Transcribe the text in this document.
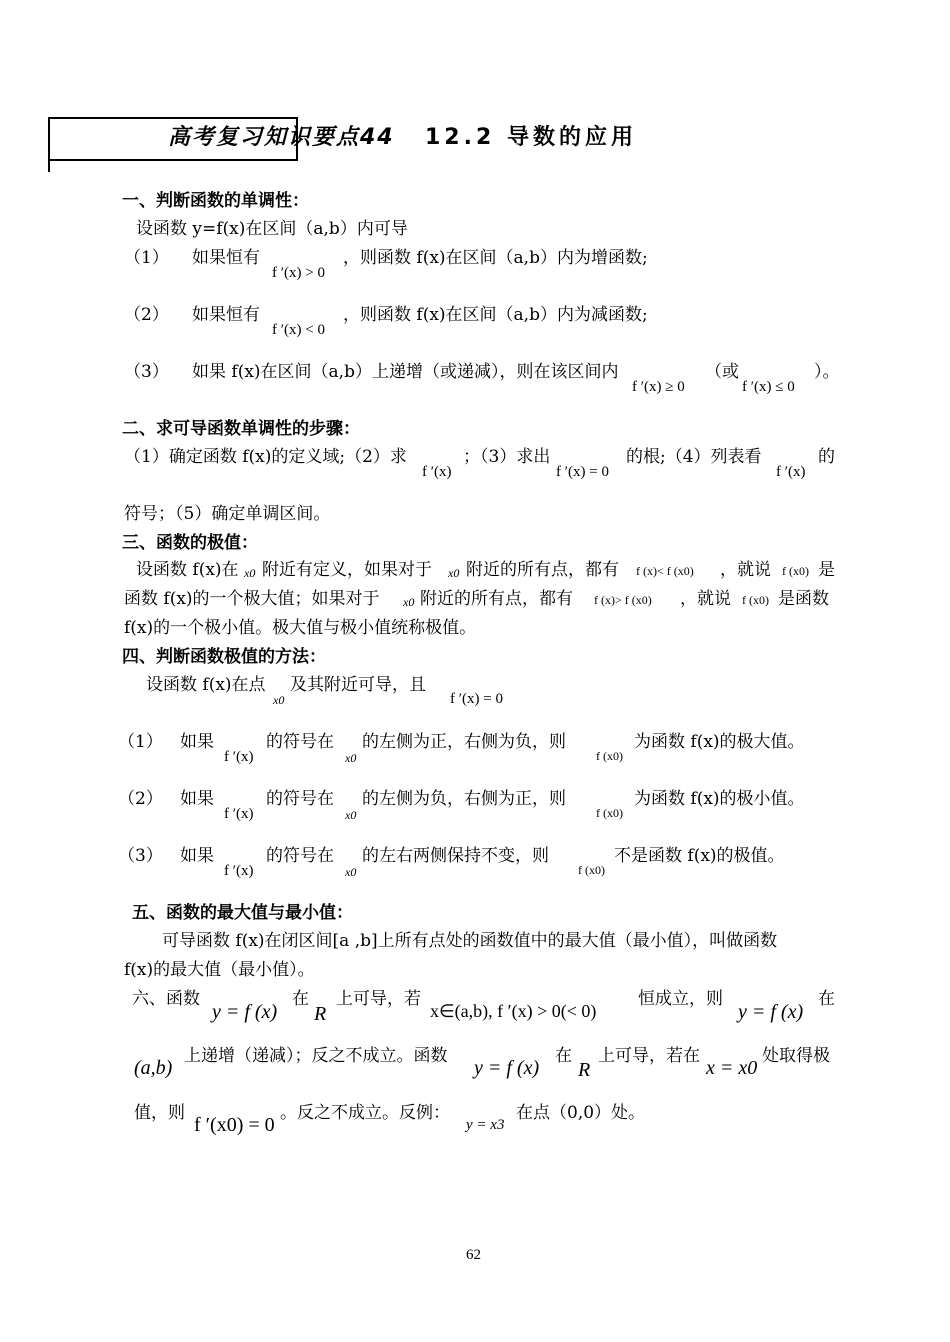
高考复习知识要点44 12.2 导数的应用
一、判断函数的单调性：
设函数 y=f(x)在区间（a,b）内可导
（1） 如果恒有
f ′(x) > 0
，则函数 f(x)在区间（a,b）内为增函数;
（2） 如果恒有
f ′(x) < 0
，则函数 f(x)在区间（a,b）内为减函数;
（3） 如果 f(x)在区间（a,b）上递增（或递减），则在该区间内
f ′(x) ≥ 0
（或
f ′(x) ≤ 0
）。
二、求可导函数单调性的步骤：
（1）确定函数 f(x)的定义域;（2）求
f ′(x)
；（3）求出
f ′(x) = 0
的根;（4）列表看
f ′(x)
的
符号；（5）确定单调区间。
三、函数的极值：
设函数 f(x)在 x0 附近有定义，如果对于 x0 附近的所有点，都有 f (x)< f (x0) ，就说 f (x0) 是
函数 f(x)的一个极大值；如果对于 x0 附近的所有点，都有 f (x)> f (x0) ，就说 f (x0) 是函数
f(x)的一个极小值。极大值与极小值统称极值。
四、判断函数极值的方法：
设函数 f(x)在点
x0
及其附近可导，且
f ′(x) = 0
（1） 如果
f ′(x)
的符号在
x0
的左侧为正，右侧为负，则
f (x0)
为函数 f(x)的极大值。
（2） 如果
f ′(x)
的符号在
x0
的左侧为负，右侧为正，则
f (x0)
为函数 f(x)的极小值。
（3） 如果
f ′(x)
的符号在
x0
的左右两侧保持不变，则
f (x0)
不是函数 f(x)的极值。
五、函数的最大值与最小值：
可导函数 f(x)在闭区间[a ,b]上所有点处的函数值中的最大值（最小值），叫做函数
f(x)的最大值（最小值）。
六、函数
y = f (x)
在
R
上可导，若
x∈(a,b), f ′(x) > 0(< 0)
恒成立，则
y = f (x)
在
(a,b)
上递增（递减）；反之不成立。函数
y = f (x)
在
R
上可导，若在
x = x0
处取得极
值，则
f ′(x0) = 0
。反之不成立。反例：
y = x3
在点（0,0）处。
62
